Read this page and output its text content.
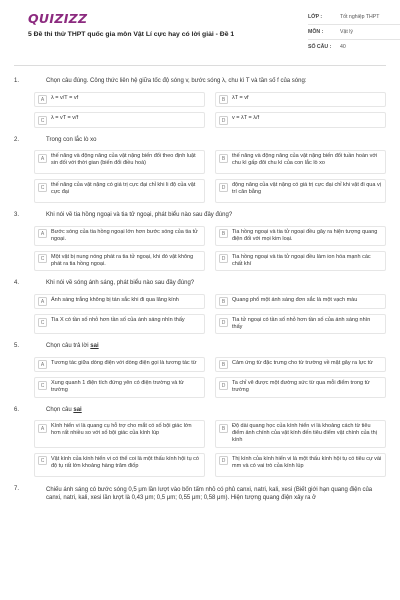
QUIZIZZ
5 Đề thi thử THPT quốc gia môn Vật Lí cực hay có lời giải - Đề 1
LỚP :	Tốt nghiệp THPT
MÔN :	Vật lý
SỐ CÂU :	40
1.	Chọn câu đúng. Công thức liên hệ giữa tốc độ sóng v, bước sóng λ, chu kì T và tần số f của sóng:
A	λ = v/T = vf	B	λT = vf
C	λ = vT = v/f	D	v = λT = λ/f
2.	Trong con lắc lò xo
A	thế năng và động năng của vật nặng biến đổi theo định luật sin đối với thời gian (biến đổi điều hoà)
B	thế năng và động năng của vật nặng biến đổi tuần hoàn với chu kì gấp đôi chu kì của con lắc lò xo
C	thế năng của vật nặng có giá trị cực đại chỉ khi li độ của vật cực đại
D	động năng của vật nặng có giá trị cực đại chỉ khi vật đi qua vị trí cân bằng
3.	Khi nói về tia hồng ngoại và tia tử ngoại, phát biểu nào sau đây đúng?
A	Bước sóng của tia hồng ngoại lớn hơn bước sóng của tia tử ngoại.
B	Tia hồng ngoại và tia tử ngoại đều gây ra hiện tượng quang điện đối với mọi kim loại.
C	Một vật bị nung nóng phát ra tia tử ngoại, khi đó vật không phát ra tia hồng ngoại.
D	Tia hồng ngoại và tia tử ngoại đều làm ion hóa mạnh các chất khí
4.	Khi nói về sóng ánh sáng, phát biểu nào sau đây đúng?
A	Ánh sáng trắng không bị tán sắc khi đi qua lăng kính	B	Quang phổ một ánh sáng đơn sắc là một vạch màu
C	Tia X có tần số nhỏ hơn tần số của ánh sáng nhìn thấy	D	Tia tử ngoại có tần số nhỏ hơn tần số của ánh sáng nhìn thấy
5.	Chọn câu trả lời sai
A	Tương tác giữa dòng điện với dòng điện gọi là tương tác từ	B	Cảm ứng từ đặc trưng cho từ trường về mặt gây ra lực từ
C	Xung quanh 1 điện tích đứng yên có điện trường và từ trường
D	Ta chỉ vẽ được một đường sức từ qua mỗi điểm trong từ trường
6.	Chọn câu sai
A	Kính hiển vi là quang cụ hỗ trợ cho mắt có số bội giác lớn hơn rất nhiều so với số bội giác của kính lúp
B	Độ dài quang học của kính hiển vi là khoảng cách từ tiêu điểm ảnh chính của vật kính đến tiêu điểm vật chính của thị kính
C	Vật kính của kính hiển vi có thể coi là một thấu kính hội tụ có độ tụ rất lớn khoảng hàng trăm điốp
D	Thị kính của kính hiển vi là một thấu kính hội tụ có tiêu cự vài mm và có vai trò của kính lúp
7.	Chiếu ánh sáng có bước sóng 0,5 μm lần lượt vào bốn tấm nhỏ có phủ canxi, natri, kali, xesi (Biết giới hạn quang điện của canxi, natri, kali, xesi lần lượt là 0,43 μm; 0,5 μm; 0,55 μm; 0,58 μm). Hiện tượng quang điện xảy ra ở
